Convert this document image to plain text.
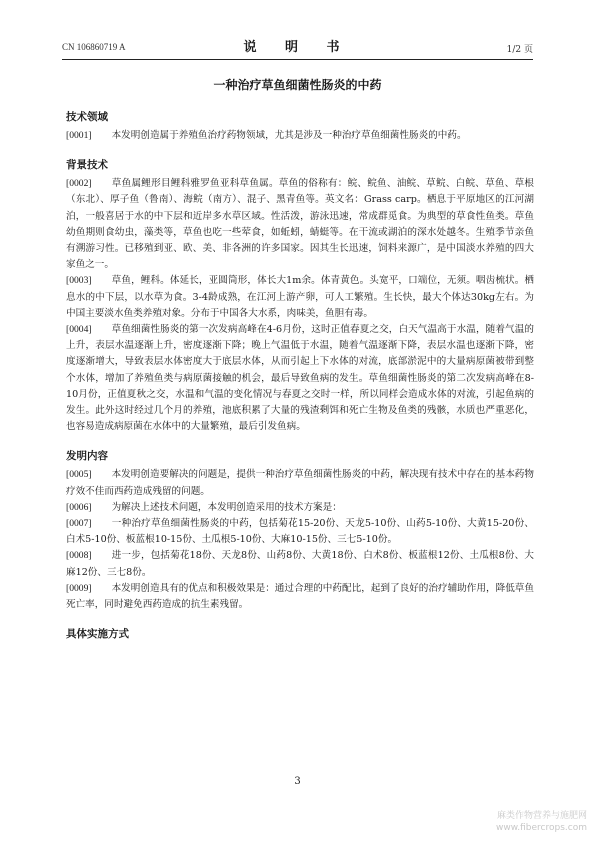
CN 106860719 A	说 明 书	1/2 页
一种治疗草鱼细菌性肠炎的中药
技术领域

[0001] 本发明创造属于养殖鱼治疗药物领域，尤其是涉及一种治疗草鱼细菌性肠炎的中药。

背景技术

[0002] 草鱼属鲤形目鲤科雅罗鱼亚科草鱼属。草鱼的俗称有：鲩、鲩鱼、油鲩、草鲩、白鲩、草鱼、草根（东北）、厚子鱼（鲁南）、海鲩（南方）、混子、黑青鱼等。英文名：Grass carp。栖息于平原地区的江河湖泊，一般喜居于水的中下层和近岸多水草区域。性活泼，游泳迅速，常成群觅食。为典型的草食性鱼类。草鱼幼鱼期则食幼虫，藻类等，草鱼也吃一些荤食，如蚯蚓，蜻蜓等。在干流或湖泊的深水处越冬。生殖季节亲鱼有溯游习性。已移殖到亚、欧、美、非各洲的许多国家。因其生长迅速，饲料来源广，是中国淡水养殖的四大家鱼之一。

[0003] 草鱼，鲤科。体延长，亚圆筒形，体长大1m余。体青黄色。头宽平，口端位，无须。咽齿梳状。栖息水的中下层，以水草为食。3-4龄成熟，在江河上游产卵，可人工繁殖。生长快，最大个体达30kg左右。为中国主要淡水鱼类养殖对象。分布于中国各大水系，肉味美，鱼胆有毒。

[0004] 草鱼细菌性肠炎的第一次发病高峰在4-6月份，这时正值春夏之交，白天气温高于水温，随着气温的上升，表层水温逐渐上升，密度逐渐下降；晚上气温低于水温，随着气温逐渐下降，表层水温也逐渐下降，密度逐渐增大，导致表层水体密度大于底层水体，从而引起上下水体的对流，底部淤泥中的大量病原菌被带到整个水体，增加了养殖鱼类与病原菌接触的机会，最后导致鱼病的发生。草鱼细菌性肠炎的第二次发病高峰在8-10月份，正值夏秋之交，水温和气温的变化情况与春夏之交时一样，所以同样会造成水体的对流，引起鱼病的发生。此外这时经过几个月的养殖，池底积累了大量的残渣剩饵和死亡生物及鱼类的残骸，水质也严重恶化，也容易造成病原菌在水体中的大量繁殖，最后引发鱼病。

发明内容

[0005] 本发明创造要解决的问题是，提供一种治疗草鱼细菌性肠炎的中药，解决现有技术中存在的基本药物疗效不佳而西药造成残留的问题。

[0006] 为解决上述技术问题，本发明创造采用的技术方案是：

[0007] 一种治疗草鱼细菌性肠炎的中药，包括菊花15-20份、天龙5-10份、山药5-10份、大黄15-20份、白术5-10份、板蓝根10-15份、土瓜根5-10份、大麻10-15份、三七5-10份。

[0008] 进一步，包括菊花18份、天龙8份、山药8份、大黄18份、白术8份、板蓝根12份、土瓜根8份、大麻12份、三七8份。

[0009] 本发明创造具有的优点和积极效果是：通过合理的中药配比，起到了良好的治疗辅助作用，降低草鱼死亡率，同时避免西药造成的抗生素残留。

具体实施方式
3
麻类作物营养与施肥网
www.fibercrops.com
